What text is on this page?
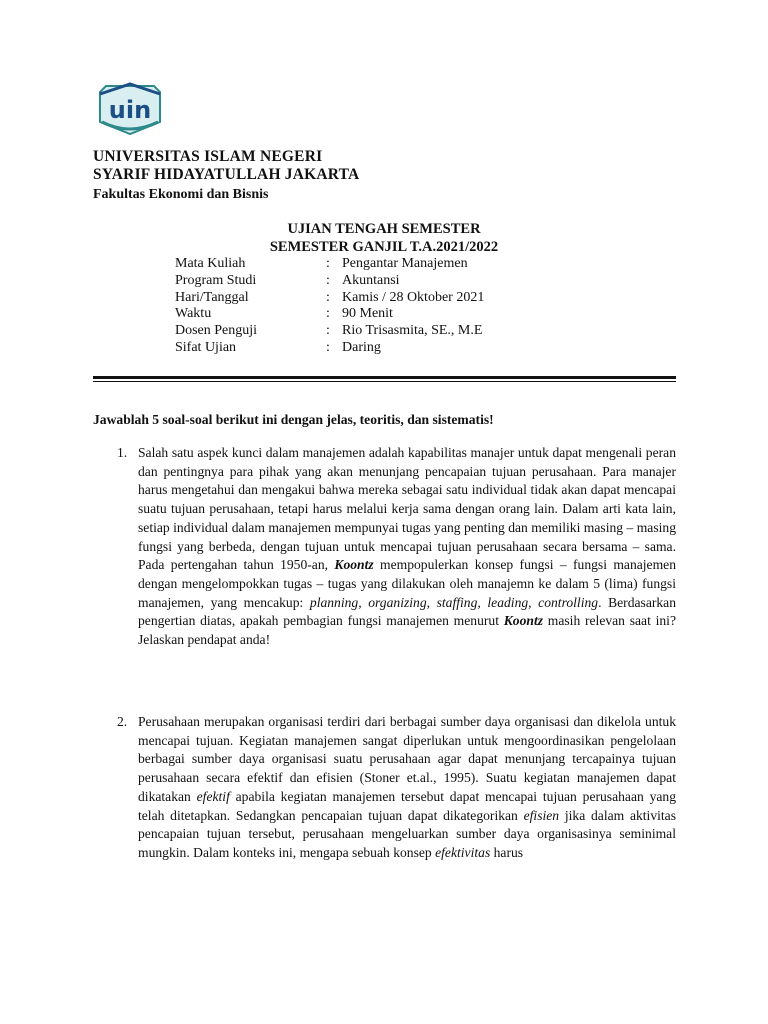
uin
UNIVERSITAS ISLAM NEGERI
SYARIF HIDAYATULLAH JAKARTA
Fakultas Ekonomi dan Bisnis
UJIAN TENGAH SEMESTER
SEMESTER GANJIL T.A.2021/2022
Mata Kuliah	: Pengantar Manajemen
Program Studi	: Akuntansi
Hari/Tanggal	: Kamis / 28 Oktober 2021
Waktu	: 90 Menit
Dosen Penguji	: Rio Trisasmita, SE., M.E
Sifat Ujian	: Daring
Jawablah 5 soal-soal berikut ini dengan jelas, teoritis, dan sistematis!
1. Salah satu aspek kunci dalam manajemen adalah kapabilitas manajer untuk dapat mengenali peran dan pentingnya para pihak yang akan menunjang pencapaian tujuan perusahaan. Para manajer harus mengetahui dan mengakui bahwa mereka sebagai satu individual tidak akan dapat mencapai suatu tujuan perusahaan, tetapi harus melalui kerja sama dengan orang lain. Dalam arti kata lain, setiap individual dalam manajemen mempunyai tugas yang penting dan memiliki masing – masing fungsi yang berbeda, dengan tujuan untuk mencapai tujuan perusahaan secara bersama – sama. Pada pertengahan tahun 1950-an, Koontz mempopulerkan konsep fungsi – fungsi manajemen dengan mengelompokkan tugas – tugas yang dilakukan oleh manajemn ke dalam 5 (lima) fungsi manajemen, yang mencakup: planning, organizing, staffing, leading, controlling. Berdasarkan pengertian diatas, apakah pembagian fungsi manajemen menurut Koontz masih relevan saat ini? Jelaskan pendapat anda!
2. Perusahaan merupakan organisasi terdiri dari berbagai sumber daya organisasi dan dikelola untuk mencapai tujuan. Kegiatan manajemen sangat diperlukan untuk mengoordinasikan pengelolaan berbagai sumber daya organisasi suatu perusahaan agar dapat menunjang tercapainya tujuan perusahaan secara efektif dan efisien (Stoner et.al., 1995). Suatu kegiatan manajemen dapat dikatakan efektif apabila kegiatan manajemen tersebut dapat mencapai tujuan perusahaan yang telah ditetapkan. Sedangkan pencapaian tujuan dapat dikategorikan efisien jika dalam aktivitas pencapaian tujuan tersebut, perusahaan mengeluarkan sumber daya organisasinya seminimal mungkin. Dalam konteks ini, mengapa sebuah konsep efektivitas harus
